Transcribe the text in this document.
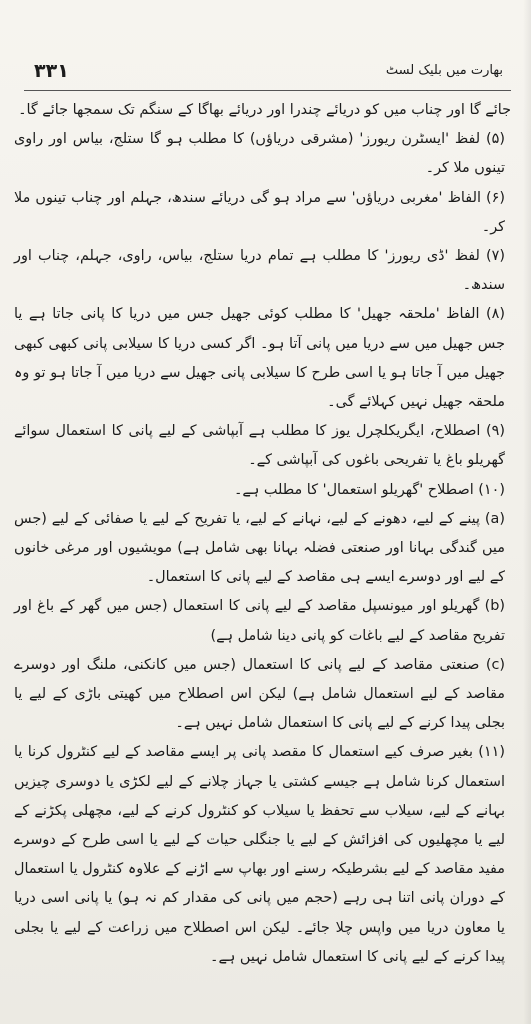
۳۳۱	بھارت میں بلیک لسٹ

جائے گا اور چناب میں کو دریائے چندرا اور دریائے بھاگا کے سنگم تک سمجھا جائے گا۔

(۵) لفظ 'ایسٹرن ریورز' (مشرقی دریاؤں) کا مطلب ہو گا ستلج، بیاس اور راوی تینوں ملا کر۔

(۶) الفاظ 'مغربی دریاؤں' سے مراد ہو گی دریائے سندھ، جہلم اور چناب تینوں ملا کر۔

(۷) لفظ 'ڈی ریورز' کا مطلب ہے تمام دریا ستلج، بیاس، راوی، جہلم، چناب اور سندھ۔

(۸) الفاظ 'ملحقہ جھیل' کا مطلب کوئی جھیل جس میں دریا کا پانی جاتا ہے یا جس جھیل میں سے دریا میں پانی آتا ہو۔ اگر کسی دریا کا سیلابی پانی کبھی کبھی جھیل میں آ جاتا ہو یا اسی طرح کا سیلابی پانی جھیل سے دریا میں آ جاتا ہو تو وہ ملحقہ جھیل نہیں کہلائے گی۔

(۹) اصطلاح، ایگریکلچرل یوز کا مطلب ہے آبپاشی کے لیے پانی کا استعمال سوائے گھریلو باغ یا تفریحی باغوں کی آبپاشی کے۔

(۱۰) اصطلاح 'گھریلو استعمال' کا مطلب ہے۔

(a) پینے کے لیے، دھونے کے لیے، نہانے کے لیے، یا تفریح کے لیے یا صفائی کے لیے (جس میں گندگی بہانا اور صنعتی فضلہ بہانا بھی شامل ہے) مویشیوں اور مرغی خانوں کے لیے اور دوسرے ایسے ہی مقاصد کے لیے پانی کا استعمال۔

(b) گھریلو اور میونسپل مقاصد کے لیے پانی کا استعمال (جس میں گھر کے باغ اور تفریح مقاصد کے لیے باغات کو پانی دینا شامل ہے)

(c) صنعتی مقاصد کے لیے پانی کا استعمال (جس میں کانکنی، ملنگ اور دوسرے مقاصد کے لیے استعمال شامل ہے) لیکن اس اصطلاح میں کھیتی باڑی کے لیے یا بجلی پیدا کرنے کے لیے پانی کا استعمال شامل نہیں ہے۔

(۱۱) بغیر صرف کیے استعمال کا مقصد پانی پر ایسے مقاصد کے لیے کنٹرول کرنا یا استعمال کرنا شامل ہے جیسے کشتی یا جہاز چلانے کے لیے لکڑی یا دوسری چیزیں بہانے کے لیے، سیلاب سے تحفظ یا سیلاب کو کنٹرول کرنے کے لیے، مچھلی پکڑنے کے لیے یا مچھلیوں کی افزائش کے لیے یا جنگلی حیات کے لیے یا اسی طرح کے دوسرے مفید مقاصد کے لیے بشرطیکہ رسنے اور بھاپ سے اڑنے کے علاوہ کنٹرول یا استعمال کے دوران پانی اتنا ہی رہے (حجم میں پانی کی مقدار کم نہ ہو) یا پانی اسی دریا یا معاون دریا میں واپس چلا جائے۔ لیکن اس اصطلاح میں زراعت کے لیے یا بجلی پیدا کرنے کے لیے پانی کا استعمال شامل نہیں ہے۔
